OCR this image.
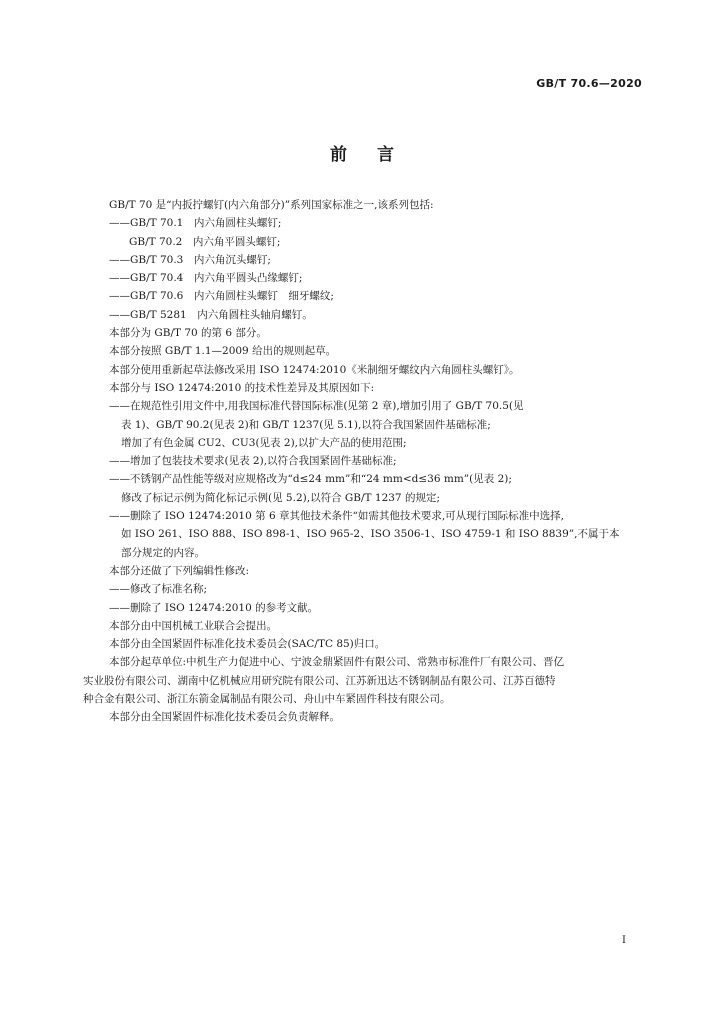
GB/T 70.6—2020
前言
GB/T 70 是“内扳拧螺钉(内六角部分)”系列国家标准之一,该系列包括:
——GB/T 70.1　内六角圆柱头螺钉;
GB/T 70.2　内六角平圆头螺钉;
——GB/T 70.3　内六角沉头螺钉;
——GB/T 70.4　内六角平圆头凸缘螺钉;
——GB/T 70.6　内六角圆柱头螺钉　细牙螺纹;
——GB/T 5281　内六角圆柱头轴肩螺钉。
本部分为 GB/T 70 的第 6 部分。
本部分按照 GB/T 1.1—2009 给出的规则起草。
本部分使用重新起草法修改采用 ISO 12474:2010《米制细牙螺纹内六角圆柱头螺钉》。
本部分与 ISO 12474:2010 的技术性差异及其原因如下:
——在规范性引用文件中,用我国标准代替国际标准(见第 2 章),增加引用了 GB/T 70.5(见
表 1)、GB/T 90.2(见表 2)和 GB/T 1237(见 5.1),以符合我国紧固件基础标准;
增加了有色金属 CU2、CU3(见表 2),以扩大产品的使用范围;
——增加了包装技术要求(见表 2),以符合我国紧固件基础标准;
——不锈钢产品性能等级对应规格改为“d≤24 mm”和“24 mm<d≤36 mm”(见表 2);
修改了标记示例为简化标记示例(见 5.2),以符合 GB/T 1237 的规定;
——删除了 ISO 12474:2010 第 6 章其他技术条件“如需其他技术要求,可从现行国际标准中选择,
如 ISO 261、ISO 888、ISO 898-1、ISO 965-2、ISO 3506-1、ISO 4759-1 和 ISO 8839”,不属于本
部分规定的内容。
本部分还做了下列编辑性修改:
——修改了标准名称;
——删除了 ISO 12474:2010 的参考文献。
本部分由中国机械工业联合会提出。
本部分由全国紧固件标准化技术委员会(SAC/TC 85)归口。
本部分起草单位:中机生产力促进中心、宁波金鼎紧固件有限公司、常熟市标准件厂有限公司、晋亿
实业股份有限公司、湖南中亿机械应用研究院有限公司、江苏新迅达不锈钢制品有限公司、江苏百德特
种合金有限公司、浙江东箭金属制品有限公司、舟山中车紧固件科技有限公司。
本部分由全国紧固件标准化技术委员会负责解释。
I
